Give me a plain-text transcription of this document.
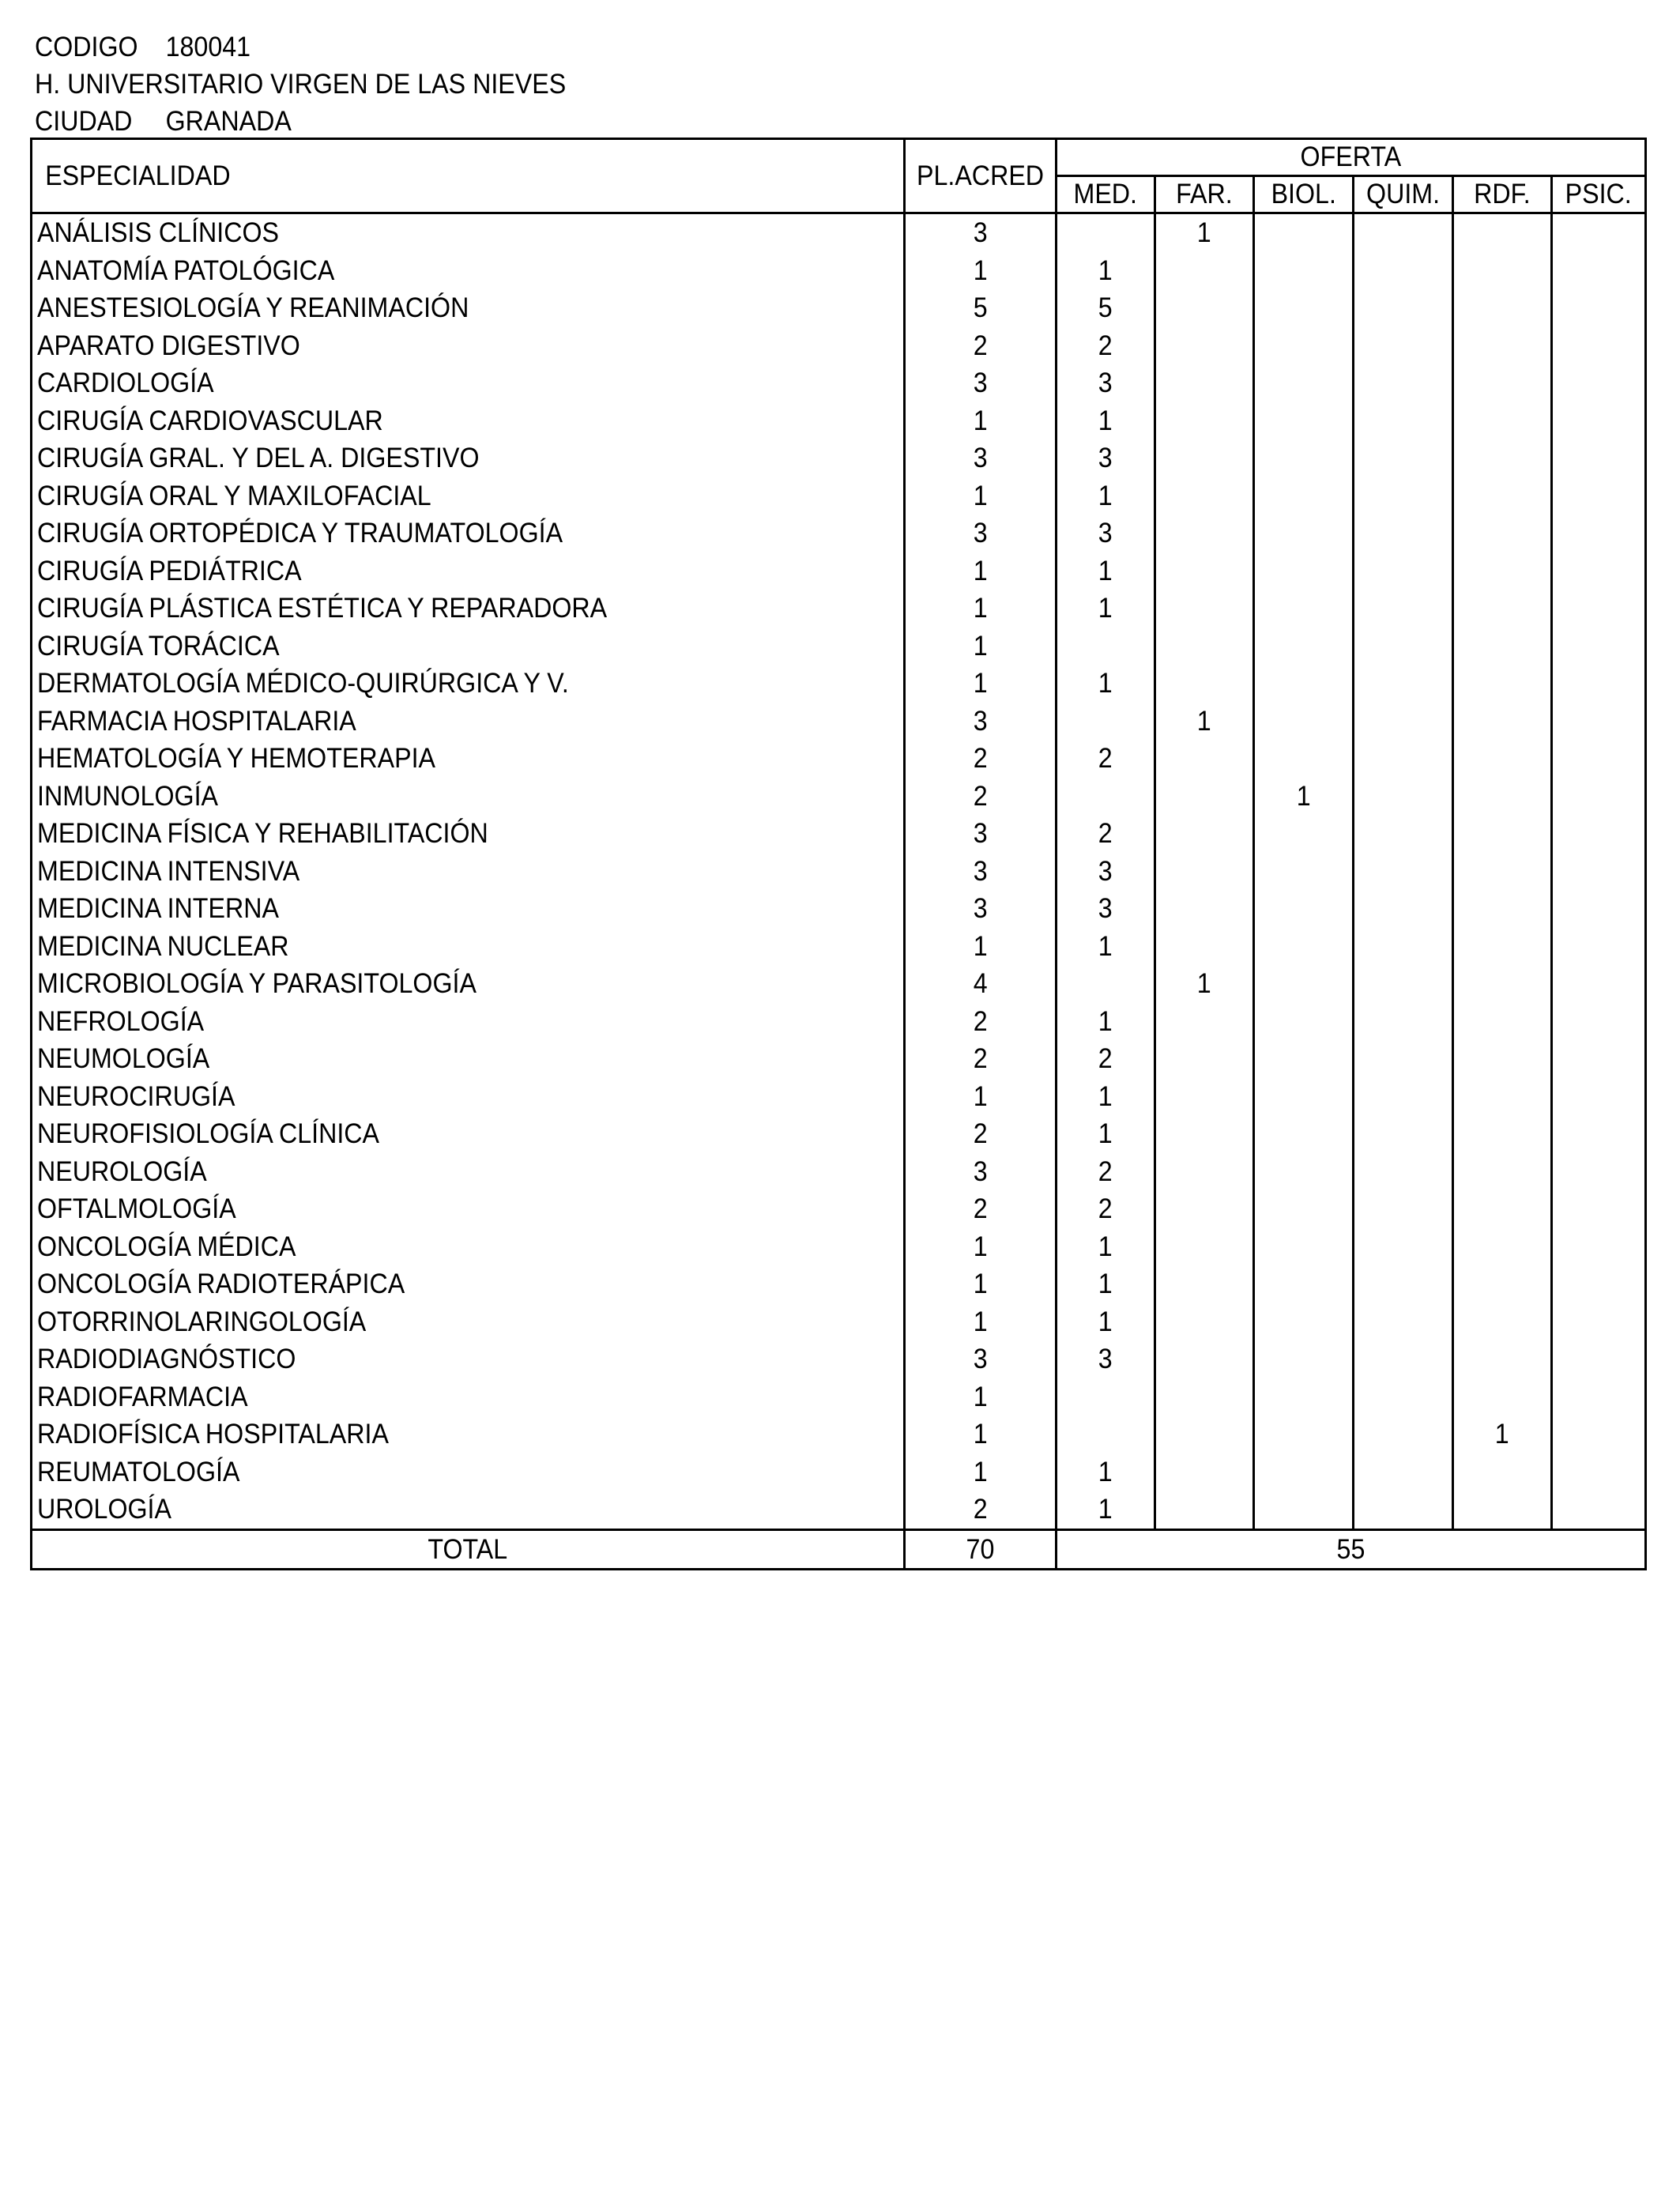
CODIGO 180041
H. UNIVERSITARIO VIRGEN DE LAS NIEVES
CIUDAD GRANADA
ESPECIALIDAD	PL.ACRED	OFERTA					
		MED.	FAR.	BIOL.	QUIM.	RDF.	PSIC.
ANÁLISIS CLÍNICOS	3		1				
ANATOMÍA PATOLÓGICA	1	1					
ANESTESIOLOGÍA Y REANIMACIÓN	5	5					
APARATO DIGESTIVO	2	2					
CARDIOLOGÍA	3	3					
CIRUGÍA CARDIOVASCULAR	1	1					
CIRUGÍA GRAL. Y DEL A. DIGESTIVO	3	3					
CIRUGÍA ORAL Y MAXILOFACIAL	1	1					
CIRUGÍA ORTOPÉDICA Y TRAUMATOLOGÍA	3	3					
CIRUGÍA PEDIÁTRICA	1	1					
CIRUGÍA PLÁSTICA ESTÉTICA Y REPARADORA	1	1					
CIRUGÍA TORÁCICA	1						
DERMATOLOGÍA MÉDICO-QUIRÚRGICA Y V.	1	1					
FARMACIA HOSPITALARIA	3		1				
HEMATOLOGÍA Y HEMOTERAPIA	2	2					
INMUNOLOGÍA	2			1			
MEDICINA FÍSICA Y REHABILITACIÓN	3	2					
MEDICINA INTENSIVA	3	3					
MEDICINA INTERNA	3	3					
MEDICINA NUCLEAR	1	1					
MICROBIOLOGÍA Y PARASITOLOGÍA	4		1				
NEFROLOGÍA	2	1					
NEUMOLOGÍA	2	2					
NEUROCIRUGÍA	1	1					
NEUROFISIOLOGÍA CLÍNICA	2	1					
NEUROLOGÍA	3	2					
OFTALMOLOGÍA	2	2					
ONCOLOGÍA MÉDICA	1	1					
ONCOLOGÍA RADIOTERÁPICA	1	1					
OTORRINOLARINGOLOGÍA	1	1					
RADIODIAGNÓSTICO	3	3					
RADIOFARMACIA	1						
RADIOFÍSICA HOSPITALARIA	1					1	
REUMATOLOGÍA	1	1					
UROLOGÍA	2	1					
TOTAL	70	55					
